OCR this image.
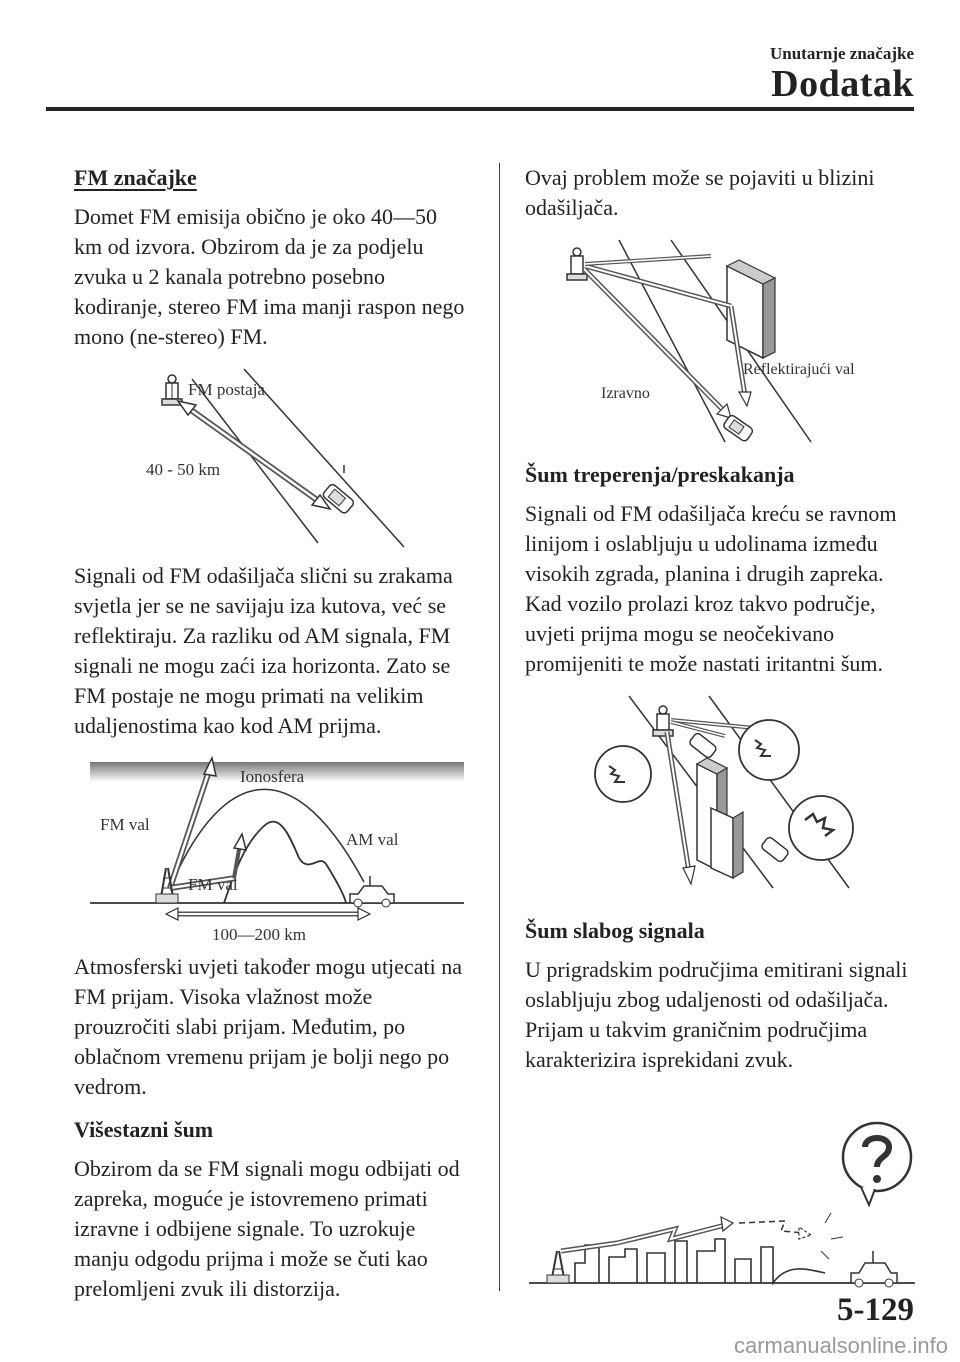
Unutarnje značajke
Dodatak
FM značajke

Domet FM emisija obično je oko 40―50 km od izvora. Obzirom da je za podjelu zvuka u 2 kanala potrebno posebno kodiranje, stereo FM ima manji raspon nego mono (ne-stereo) FM.

FM postaja
40 - 50 km

Signali od FM odašiljača slični su zrakama svjetla jer se ne savijaju iza kutova, već se reflektiraju. Za razliku od AM signala, FM signali ne mogu zaći iza horizonta. Zato se FM postaje ne mogu primati na velikim udaljenostima kao kod AM prijma.

Ionosfera
FM val
AM val
FM val
100―200 km

Atmosferski uvjeti također mogu utjecati na FM prijam. Visoka vlažnost može prouzročiti slabi prijam. Međutim, po oblačnom vremenu prijam je bolji nego po vedrom.

Višestazni šum

Obzirom da se FM signali mogu odbijati od zapreka, moguće je istovremeno primati izravne i odbijene signale. To uzrokuje manju odgodu prijma i može se čuti kao prelomljeni zvuk ili distorzija.

Ovaj problem može se pojaviti u blizini odašiljača.

Reflektirajući val
Izravno
Šum treperenja/preskakanja

Signali od FM odašiljača kreću se ravnom linijom i oslabljuju u udolinama između visokih zgrada, planina i drugih zapreka. Kad vozilo prolazi kroz takvo područje, uvjeti prijma mogu se neočekivano promijeniti te može nastati iritantni šum.

Šum slabog signala

U prigradskim područjima emitirani signali oslabljuju zbog udaljenosti od odašiljača. Prijam u takvim graničnim područjima karakterizira isprekidani zvuk.

5-129
carmanualsonline.info
